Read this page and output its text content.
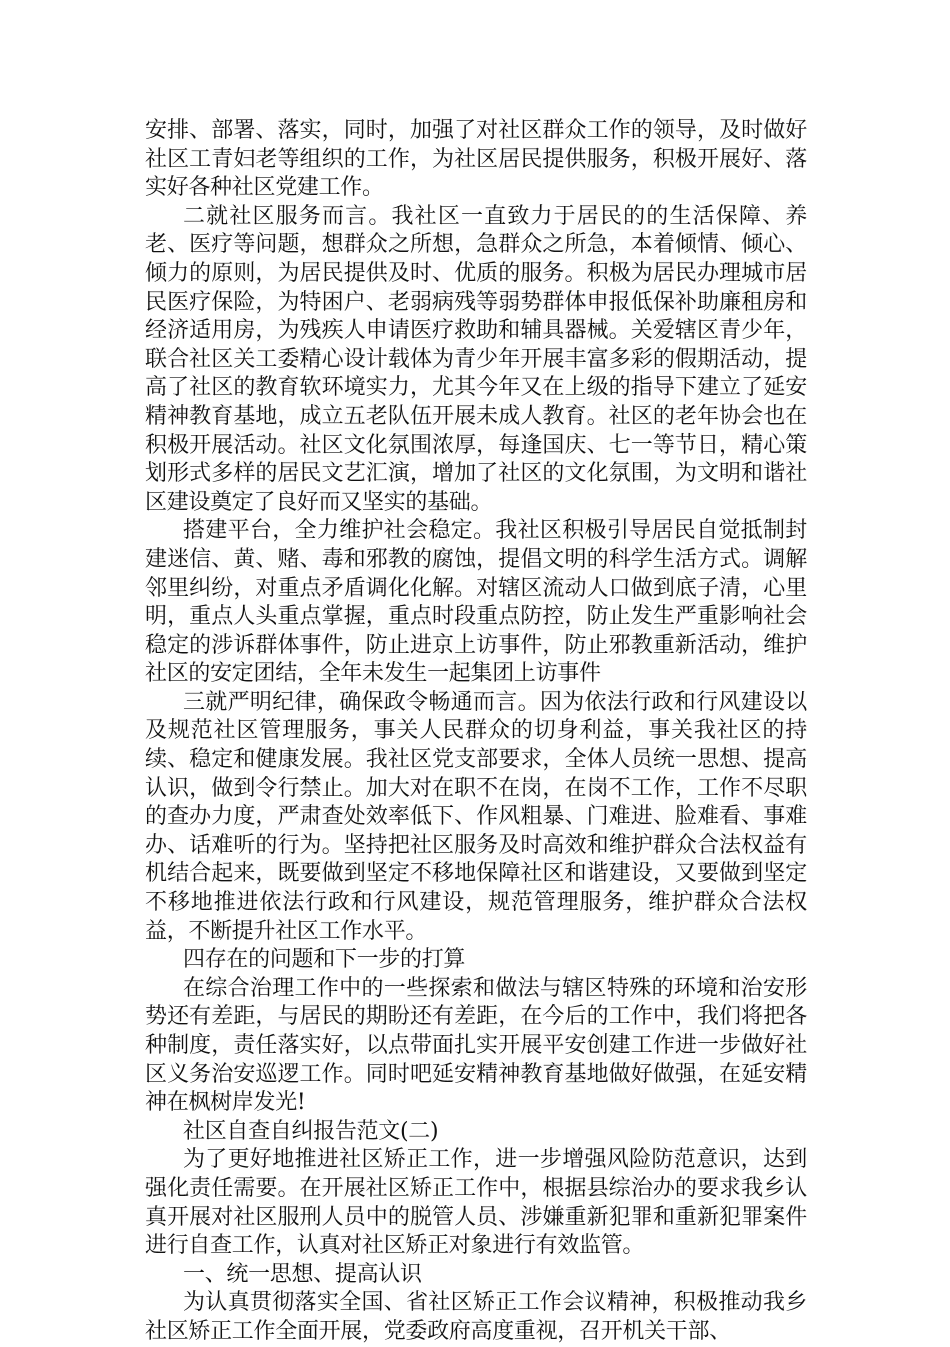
安排、部署、落实，同时，加强了对社区群众工作的领导，及时做好社区工青妇老等组织的工作，为社区居民提供服务，积极开展好、落实好各种社区党建工作。

二就社区服务而言。我社区一直致力于居民的的生活保障、养老、医疗等问题，想群众之所想，急群众之所急，本着倾情、倾心、倾力的原则，为居民提供及时、优质的服务。积极为居民办理城市居民医疗保险，为特困户、老弱病残等弱势群体申报低保补助廉租房和经济适用房，为残疾人申请医疗救助和辅具器械。关爱辖区青少年，联合社区关工委精心设计载体为青少年开展丰富多彩的假期活动，提高了社区的教育软环境实力，尤其今年又在上级的指导下建立了延安精神教育基地，成立五老队伍开展未成人教育。社区的老年协会也在积极开展活动。社区文化氛围浓厚，每逢国庆、七一等节日，精心策划形式多样的居民文艺汇演，增加了社区的文化氛围，为文明和谐社区建设奠定了良好而又坚实的基础。

搭建平台，全力维护社会稳定。我社区积极引导居民自觉抵制封建迷信、黄、赌、毒和邪教的腐蚀，提倡文明的科学生活方式。调解邻里纠纷，对重点矛盾调化化解。对辖区流动人口做到底子清，心里明，重点人头重点掌握，重点时段重点防控，防止发生严重影响社会稳定的涉诉群体事件，防止进京上访事件，防止邪教重新活动，维护社区的安定团结，全年未发生一起集团上访事件

三就严明纪律，确保政令畅通而言。因为依法行政和行风建设以及规范社区管理服务，事关人民群众的切身利益，事关我社区的持续、稳定和健康发展。我社区党支部要求，全体人员统一思想、提高认识，做到令行禁止。加大对在职不在岗，在岗不工作，工作不尽职的查办力度，严肃查处效率低下、作风粗暴、门难进、脸难看、事难办、话难听的行为。坚持把社区服务及时高效和维护群众合法权益有机结合起来，既要做到坚定不移地保障社区和谐建设，又要做到坚定不移地推进依法行政和行风建设，规范管理服务，维护群众合法权益，不断提升社区工作水平。

四存在的问题和下一步的打算

在综合治理工作中的一些探索和做法与辖区特殊的环境和治安形势还有差距，与居民的期盼还有差距，在今后的工作中，我们将把各种制度，责任落实好，以点带面扎实开展平安创建工作进一步做好社区义务治安巡逻工作。同时吧延安精神教育基地做好做强，在延安精神在枫树岸发光!

社区自查自纠报告范文(二)

为了更好地推进社区矫正工作，进一步增强风险防范意识，达到强化责任需要。在开展社区矫正工作中，根据县综治办的要求我乡认真开展对社区服刑人员中的脱管人员、涉嫌重新犯罪和重新犯罪案件进行自查工作，认真对社区矫正对象进行有效监管。

一、统一思想、提高认识

为认真贯彻落实全国、省社区矫正工作会议精神，积极推动我乡社区矫正工作全面开展，党委政府高度重视，召开机关干部、
